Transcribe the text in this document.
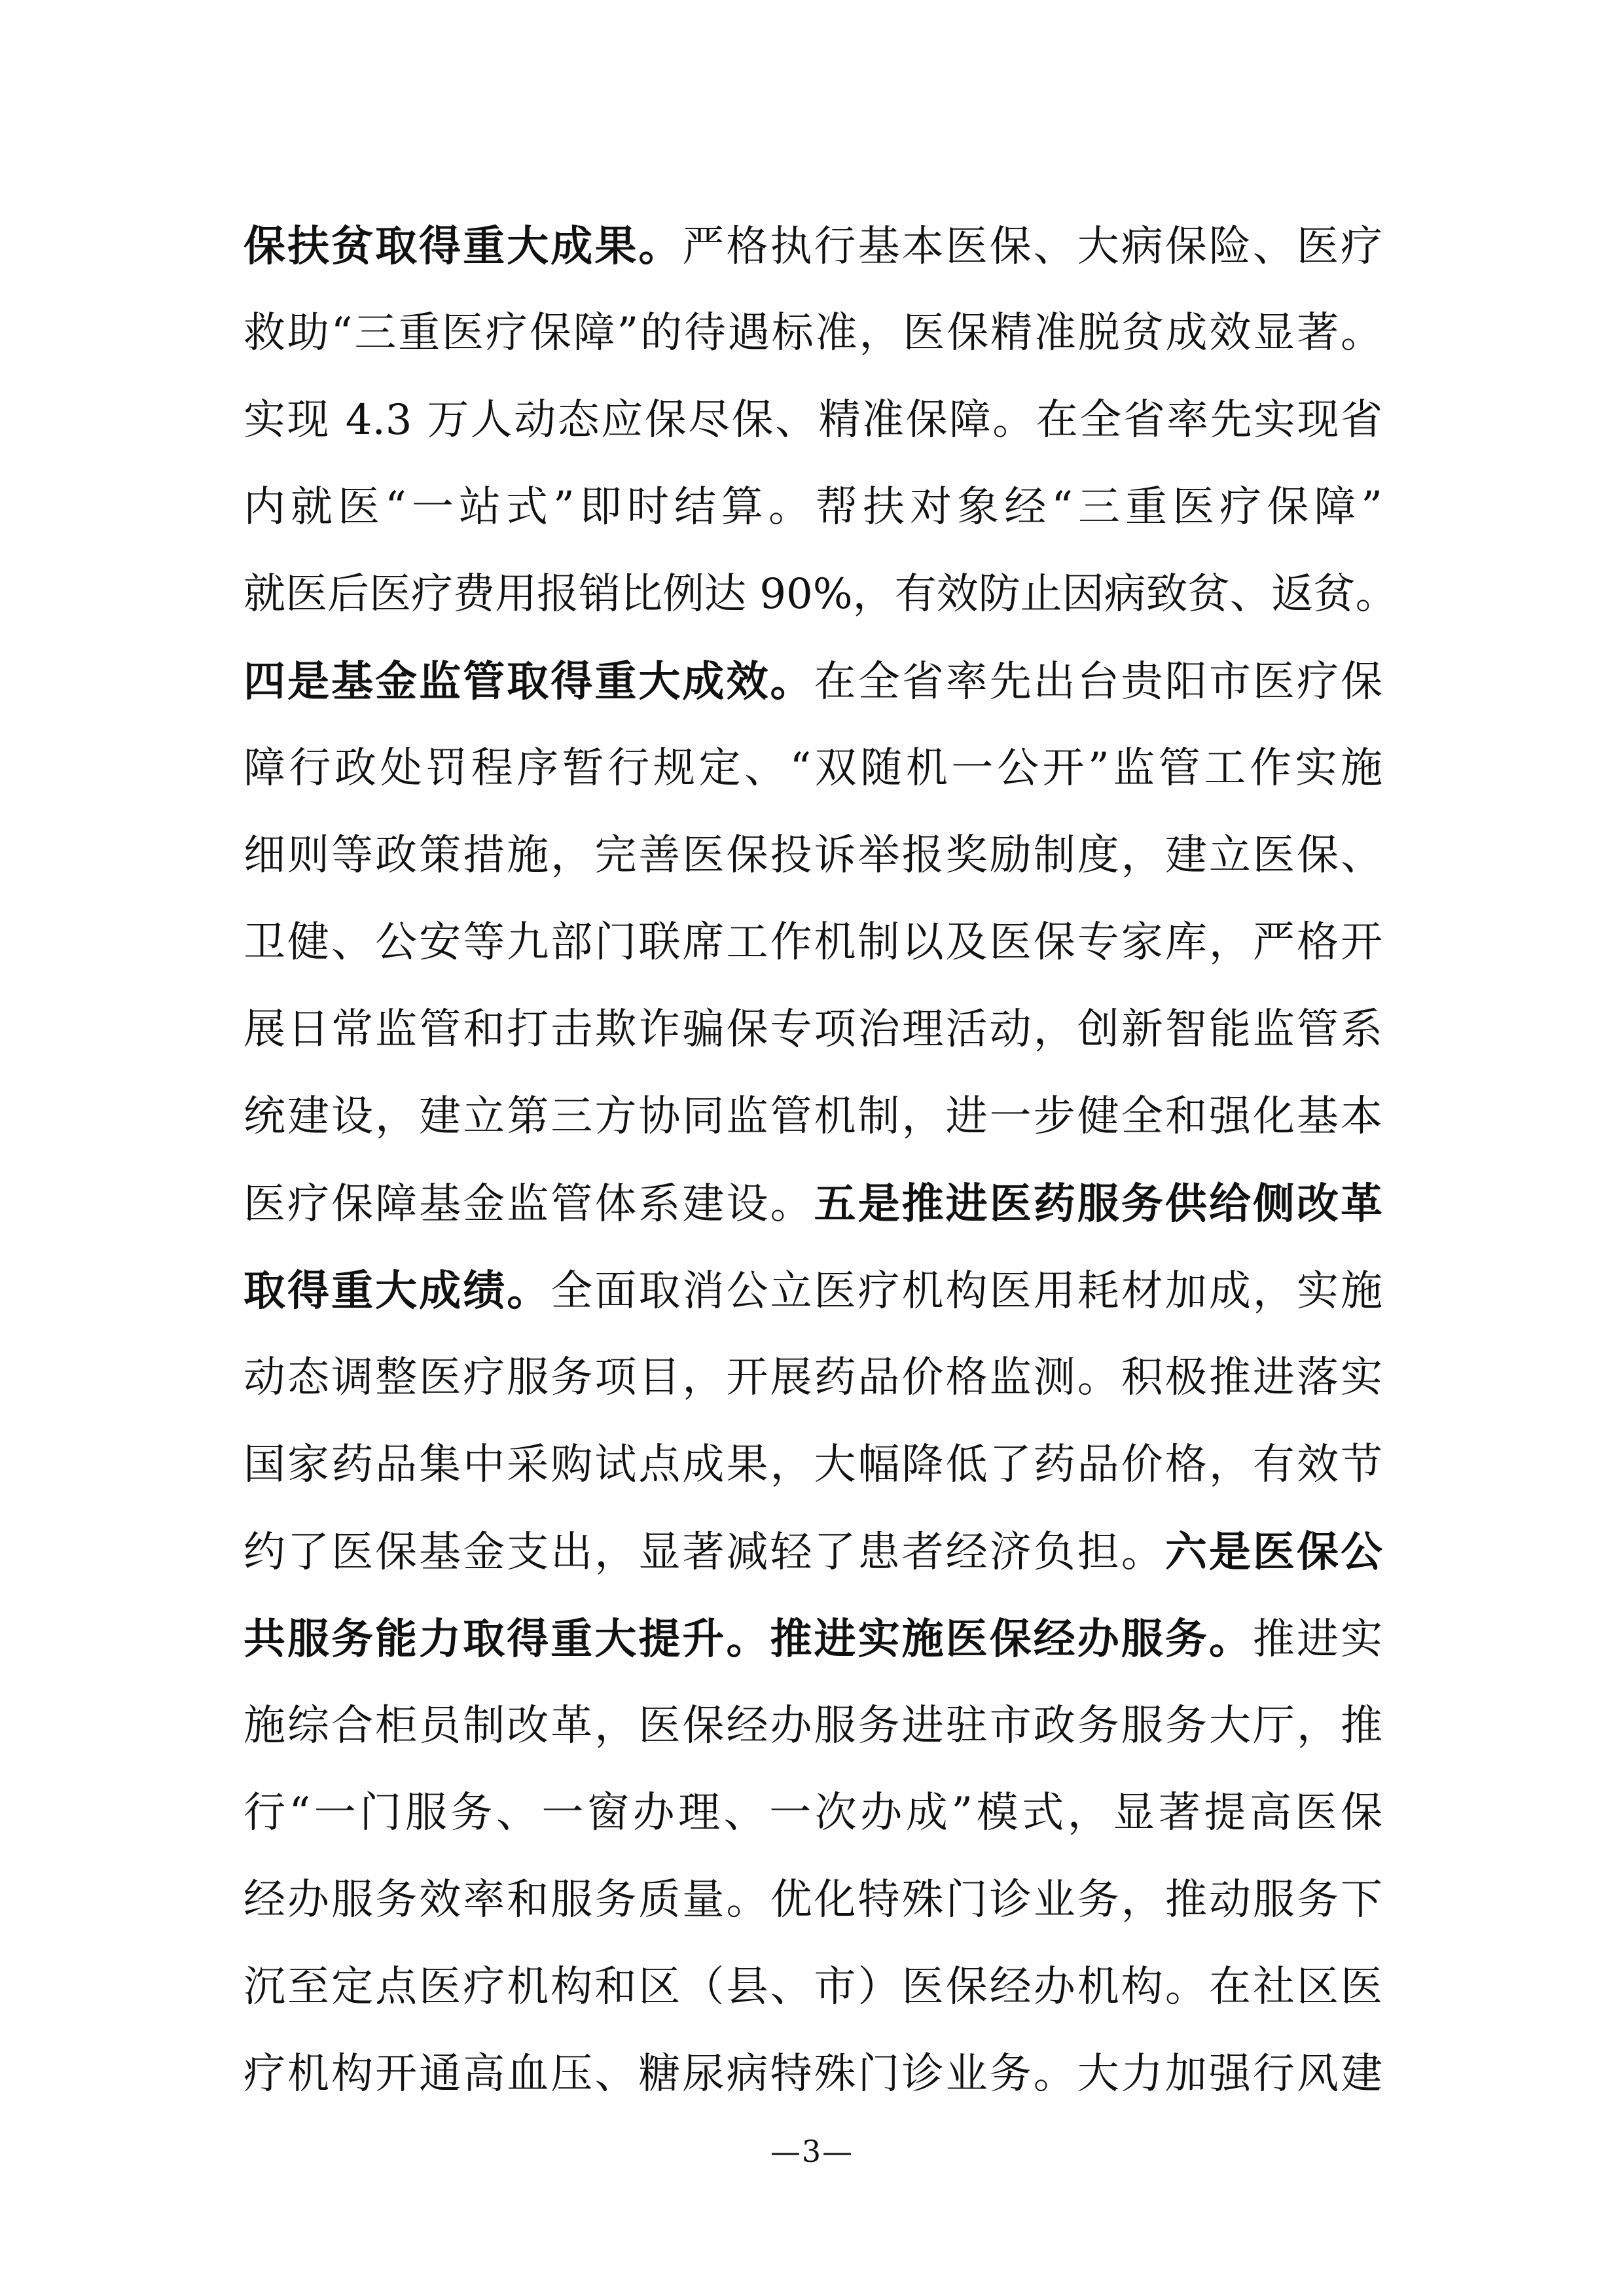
保扶贫取得重大成果。严格执行基本医保、大病保险、医疗
救助“三重医疗保障”的待遇标准，医保精准脱贫成效显著。
实现 4.3 万人动态应保尽保、精准保障。在全省率先实现省
内就医“一站式”即时结算。帮扶对象经“三重医疗保障”
就医后医疗费用报销比例达 90%，有效防止因病致贫、返贫。
四是基金监管取得重大成效。在全省率先出台贵阳市医疗保
障行政处罚程序暂行规定、“双随机一公开”监管工作实施
细则等政策措施，完善医保投诉举报奖励制度，建立医保、
卫健、公安等九部门联席工作机制以及医保专家库，严格开
展日常监管和打击欺诈骗保专项治理活动，创新智能监管系
统建设，建立第三方协同监管机制，进一步健全和强化基本
医疗保障基金监管体系建设。五是推进医药服务供给侧改革
取得重大成绩。全面取消公立医疗机构医用耗材加成，实施
动态调整医疗服务项目，开展药品价格监测。积极推进落实
国家药品集中采购试点成果，大幅降低了药品价格，有效节
约了医保基金支出，显著减轻了患者经济负担。六是医保公
共服务能力取得重大提升。推进实施医保经办服务。推进实
施综合柜员制改革，医保经办服务进驻市政务服务大厅，推
行“一门服务、一窗办理、一次办成”模式，显著提高医保
经办服务效率和服务质量。优化特殊门诊业务，推动服务下
沉至定点医疗机构和区（县、市）医保经办机构。在社区医
疗机构开通高血压、糖尿病特殊门诊业务。大力加强行风建
—3—
